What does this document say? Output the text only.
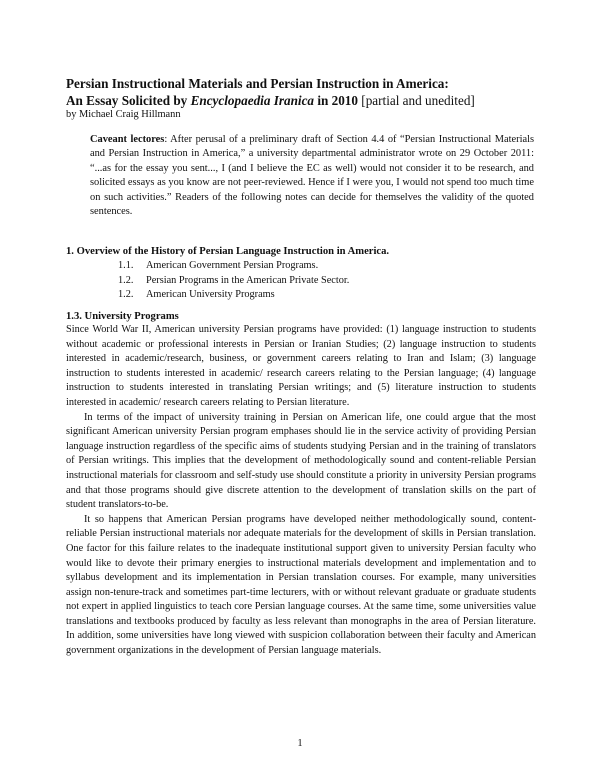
Persian Instructional Materials and Persian Instruction in America:
An Essay Solicited by Encyclopaedia Iranica in 2010 [partial and unedited]
by Michael Craig Hillmann
Caveant lectores: After perusal of a preliminary draft of Section 4.4 of “Persian Instructional Materials and Persian Instruction in America,” a university departmental administrator wrote on 29 October 2011: “...as for the essay you sent..., I (and I believe the EC as well) would not consider it to be research, and solicited essays as you know are not peer-reviewed. Hence if I were you, I would not spend too much time on such activities.” Readers of the following notes can decide for themselves the validity of the quoted sentences.
1. Overview of the History of Persian Language Instruction in America.
1.1.	American Government Persian Programs.
1.2.	Persian Programs in the American Private Sector.
1.2.	American University Programs
1.3. University Programs

Since World War II, American university Persian programs have provided: (1) language instruction to students without academic or professional interests in Persian or Iranian Studies; (2) language instruction to students interested in academic/research, business, or government careers relating to Iran and Islam; (3) language instruction to students interested in academic/ research careers relating to the Persian language; (4) language instruction to students interested in translating Persian writings; and (5) literature instruction to students interested in academic/ research careers relating to Persian literature.

In terms of the impact of university training in Persian on American life, one could argue that the most significant American university Persian program emphases should lie in the service activity of providing Persian language instruction regardless of the specific aims of students studying Persian and in the training of translators of Persian writings. This implies that the development of methodologically sound and content-reliable Persian instructional materials for classroom and self-study use should constitute a priority in university Persian programs and that those programs should give discrete attention to the development of translation skills on the part of student translators-to-be.

It so happens that American Persian programs have developed neither methodologically sound, content-reliable Persian instructional materials nor adequate materials for the development of skills in Persian translation. One factor for this failure relates to the inadequate institutional support given to university Persian faculty who would like to devote their primary energies to instructional materials development and implementation and to syllabus development and its implementation in Persian translation courses. For example, many universities assign non-tenure-track and sometimes part-time lecturers, with or without relevant graduate or graduate students not expert in applied linguistics to teach core Persian language courses. At the same time, some universities value translations and textbooks produced by faculty as less relevant than monographs in the area of Persian literature. In addition, some universities have long viewed with suspicion collaboration between their faculty and American government organizations in the development of Persian language materials.

1
